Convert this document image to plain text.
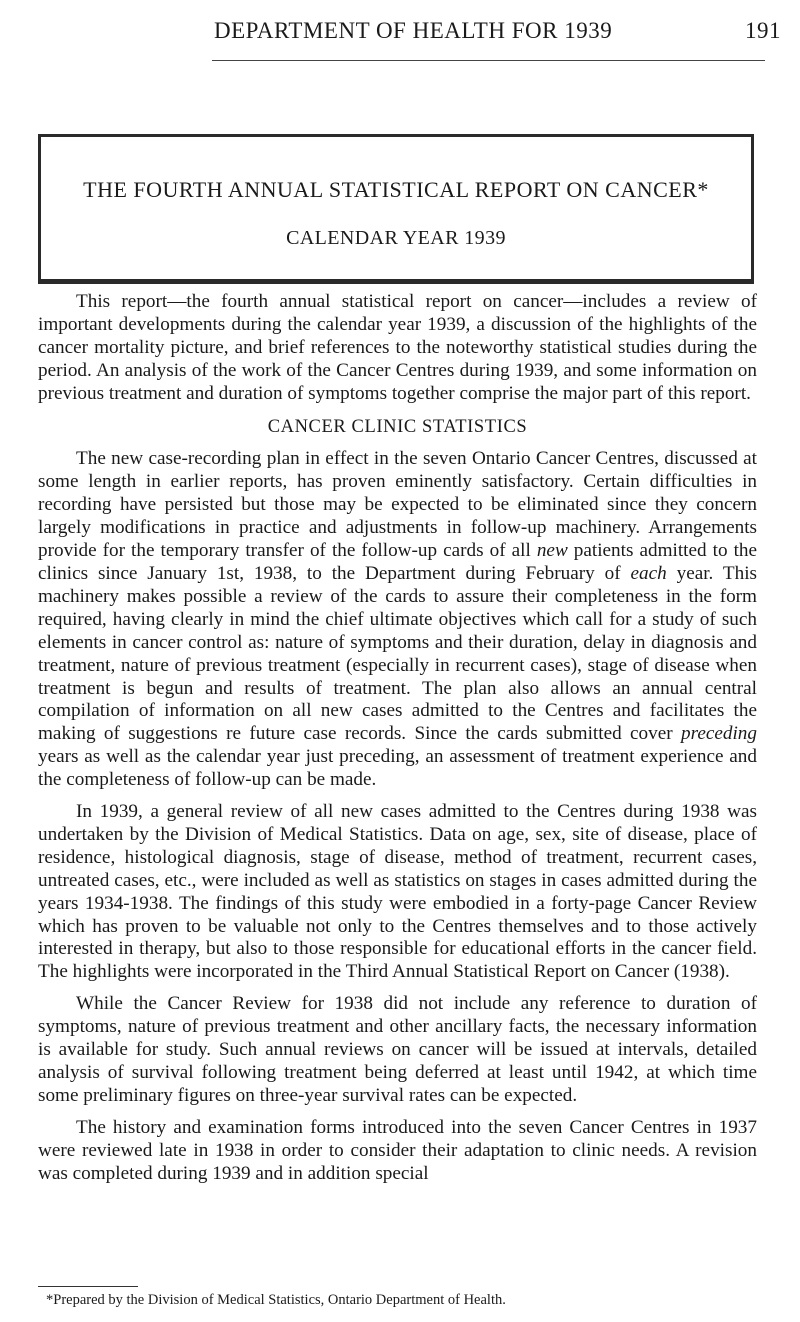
DEPARTMENT OF HEALTH FOR 1939	191
THE FOURTH ANNUAL STATISTICAL REPORT ON CANCER*
CALENDAR YEAR 1939

This report—the fourth annual statistical report on cancer—includes a review of important developments during the calendar year 1939, a discussion of the highlights of the cancer mortality picture, and brief references to the noteworthy statistical studies during the period. An analysis of the work of the Cancer Centres during 1939, and some information on previous treatment and duration of symptoms together comprise the major part of this report.

CANCER CLINIC STATISTICS

The new case-recording plan in effect in the seven Ontario Cancer Centres, discussed at some length in earlier reports, has proven eminently satisfactory. Certain difficulties in recording have persisted but those may be expected to be eliminated since they concern largely modifications in practice and adjustments in follow-up machinery. Arrangements provide for the temporary transfer of the follow-up cards of all new patients admitted to the clinics since January 1st, 1938, to the Department during February of each year. This machinery makes possible a review of the cards to assure their completeness in the form required, having clearly in mind the chief ultimate objectives which call for a study of such elements in cancer control as: nature of symptoms and their duration, delay in diagnosis and treatment, nature of previous treatment (especially in recurrent cases), stage of disease when treatment is begun and results of treatment. The plan also allows an annual central compilation of information on all new cases admitted to the Centres and facilitates the making of suggestions re future case records. Since the cards submitted cover preceding years as well as the calendar year just preceding, an assessment of treatment experience and the completeness of follow-up can be made.

In 1939, a general review of all new cases admitted to the Centres during 1938 was undertaken by the Division of Medical Statistics. Data on age, sex, site of disease, place of residence, histological diagnosis, stage of disease, method of treatment, recurrent cases, untreated cases, etc., were included as well as statistics on stages in cases admitted during the years 1934-1938. The findings of this study were embodied in a forty-page Cancer Review which has proven to be valuable not only to the Centres themselves and to those actively interested in therapy, but also to those responsible for educational efforts in the cancer field. The highlights were incorporated in the Third Annual Statistical Report on Cancer (1938).

While the Cancer Review for 1938 did not include any reference to duration of symptoms, nature of previous treatment and other ancillary facts, the necessary information is available for study. Such annual reviews on cancer will be issued at intervals, detailed analysis of survival following treatment being deferred at least until 1942, at which time some preliminary figures on three-year survival rates can be expected.

The history and examination forms introduced into the seven Cancer Centres in 1937 were reviewed late in 1938 in order to consider their adaptation to clinic needs. A revision was completed during 1939 and in addition special

*Prepared by the Division of Medical Statistics, Ontario Department of Health.
